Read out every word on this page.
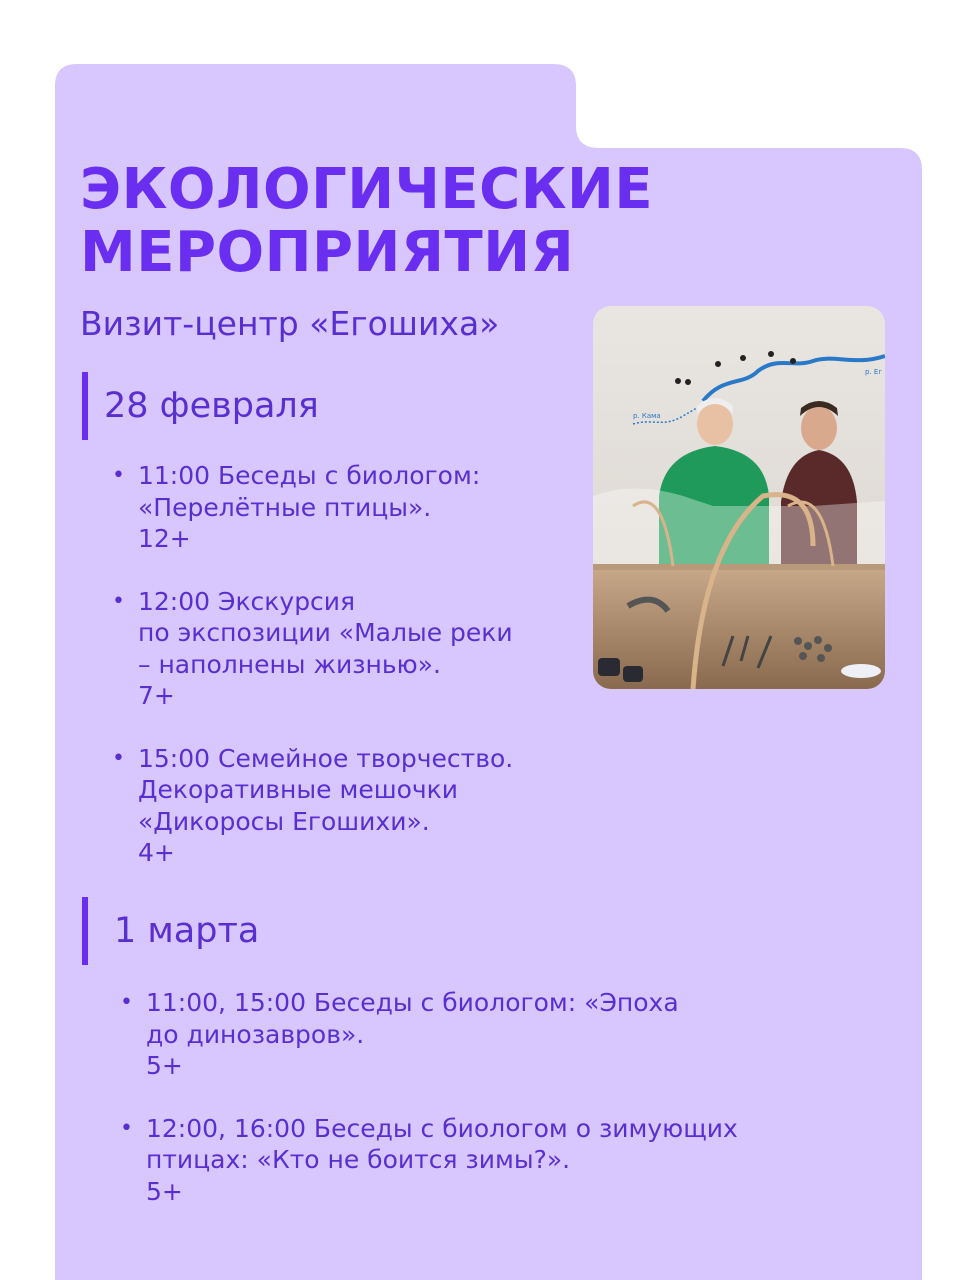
ЭКОЛОГИЧЕСКИЕ
МЕРОПРИЯТИЯ
Визит-центр «Егошиха»
р. Кама
р. Ег
28 февраля
• 11:00 Беседы с биологом:
«Перелётные птицы».
12+
• 12:00 Экскурсия
по экспозиции «Малые реки
– наполнены жизнью».
7+
• 15:00 Семейное творчество.
Декоративные мешочки
«Дикоросы Егошихи».
4+
1 марта
• 11:00, 15:00 Беседы с биологом: «Эпоха
до динозавров».
5+
• 12:00, 16:00 Беседы с биологом о зимующих
птицах: «Кто не боится зимы?».
5+
